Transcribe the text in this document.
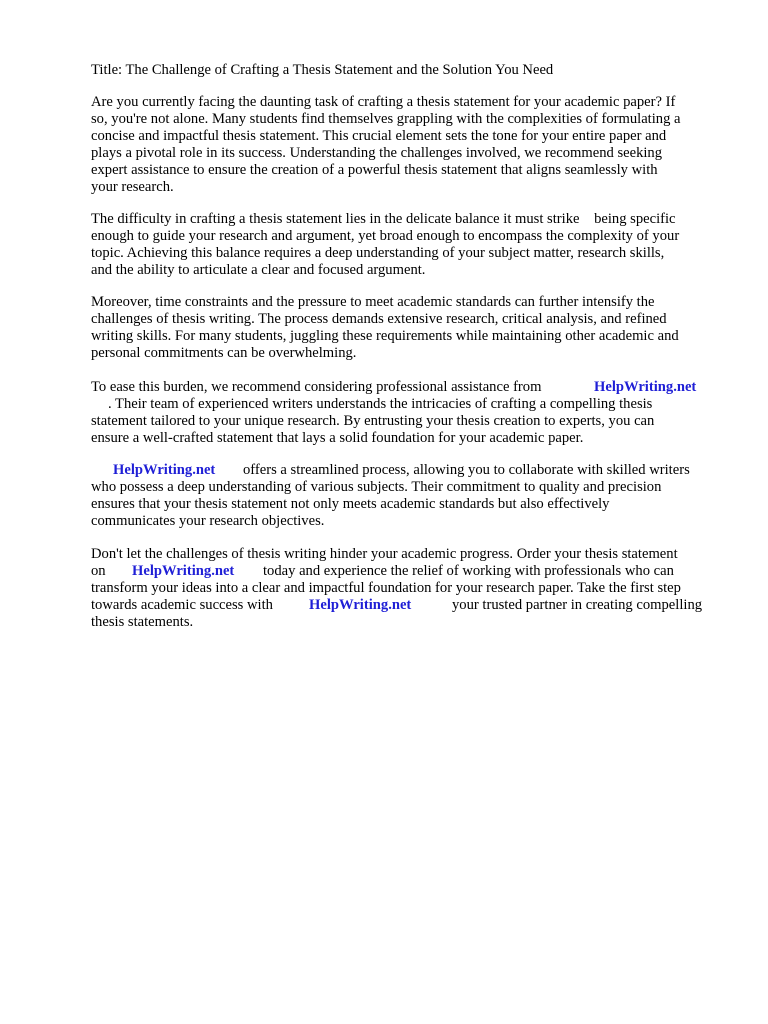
Title: The Challenge of Crafting a Thesis Statement and the Solution You Need
Are you currently facing the daunting task of crafting a thesis statement for your academic paper? If
so, you're not alone. Many students find themselves grappling with the complexities of formulating a
concise and impactful thesis statement. This crucial element sets the tone for your entire paper and
plays a pivotal role in its success. Understanding the challenges involved, we recommend seeking
expert assistance to ensure the creation of a powerful thesis statement that aligns seamlessly with
your research.
The difficulty in crafting a thesis statement lies in the delicate balance it must strike    being specific
enough to guide your research and argument, yet broad enough to encompass the complexity of your
topic. Achieving this balance requires a deep understanding of your subject matter, research skills,
and the ability to articulate a clear and focused argument.
Moreover, time constraints and the pressure to meet academic standards can further intensify the
challenges of thesis writing. The process demands extensive research, critical analysis, and refined
writing skills. For many students, juggling these requirements while maintaining other academic and
personal commitments can be overwhelming.
To ease this burden, we recommend considering professional assistance from	HelpWriting.net
. Their team of experienced writers understands the intricacies of crafting a compelling thesis
statement tailored to your unique research. By entrusting your thesis creation to experts, you can
ensure a well-crafted statement that lays a solid foundation for your academic paper.
HelpWriting.net offers a streamlined process, allowing you to collaborate with skilled writers
who possess a deep understanding of various subjects. Their commitment to quality and precision
ensures that your thesis statement not only meets academic standards but also effectively
communicates your research objectives.
Don't let the challenges of thesis writing hinder your academic progress. Order your thesis statement
on HelpWriting.net today and experience the relief of working with professionals who can
transform your ideas into a clear and impactful foundation for your research paper. Take the first step
towards academic success with HelpWriting.net	your trusted partner in creating compelling
thesis statements.
